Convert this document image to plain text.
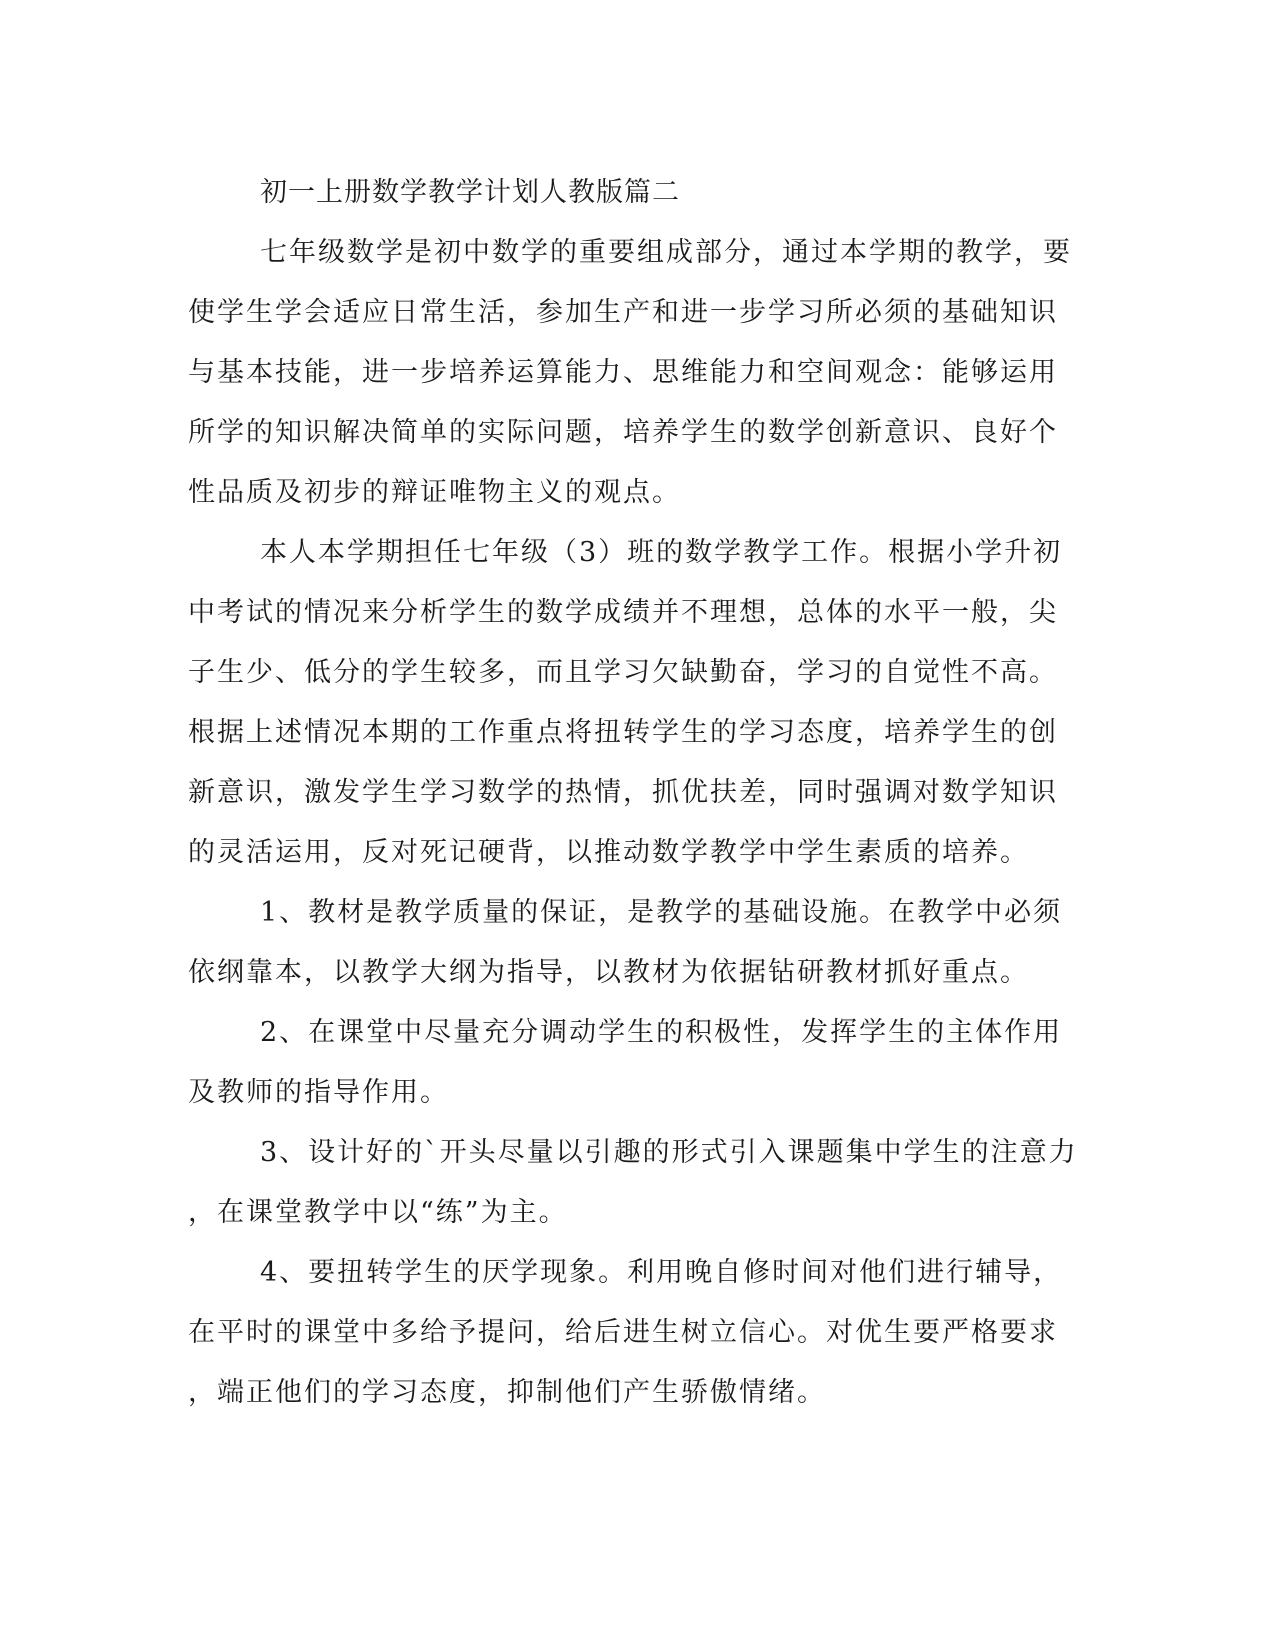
初一上册数学教学计划人教版篇二
七年级数学是初中数学的重要组成部分，通过本学期的教学，要
使学生学会适应日常生活，参加生产和进一步学习所必须的基础知识
与基本技能，进一步培养运算能力、思维能力和空间观念：能够运用
所学的知识解决简单的实际问题，培养学生的数学创新意识、良好个
性品质及初步的辩证唯物主义的观点。
本人本学期担任七年级（3）班的数学教学工作。根据小学升初
中考试的情况来分析学生的数学成绩并不理想，总体的水平一般，尖
子生少、低分的学生较多，而且学习欠缺勤奋，学习的自觉性不高。
根据上述情况本期的工作重点将扭转学生的学习态度，培养学生的创
新意识，激发学生学习数学的热情，抓优扶差，同时强调对数学知识
的灵活运用，反对死记硬背，以推动数学教学中学生素质的培养。
1、教材是教学质量的保证，是教学的基础设施。在教学中必须
依纲靠本，以教学大纲为指导，以教材为依据钻研教材抓好重点。
2、在课堂中尽量充分调动学生的积极性，发挥学生的主体作用
及教师的指导作用。
3、设计好的`开头尽量以引趣的形式引入课题集中学生的注意力
，在课堂教学中以“练”为主。
4、要扭转学生的厌学现象。利用晚自修时间对他们进行辅导，
在平时的课堂中多给予提问，给后进生树立信心。对优生要严格要求
，端正他们的学习态度，抑制他们产生骄傲情绪。
